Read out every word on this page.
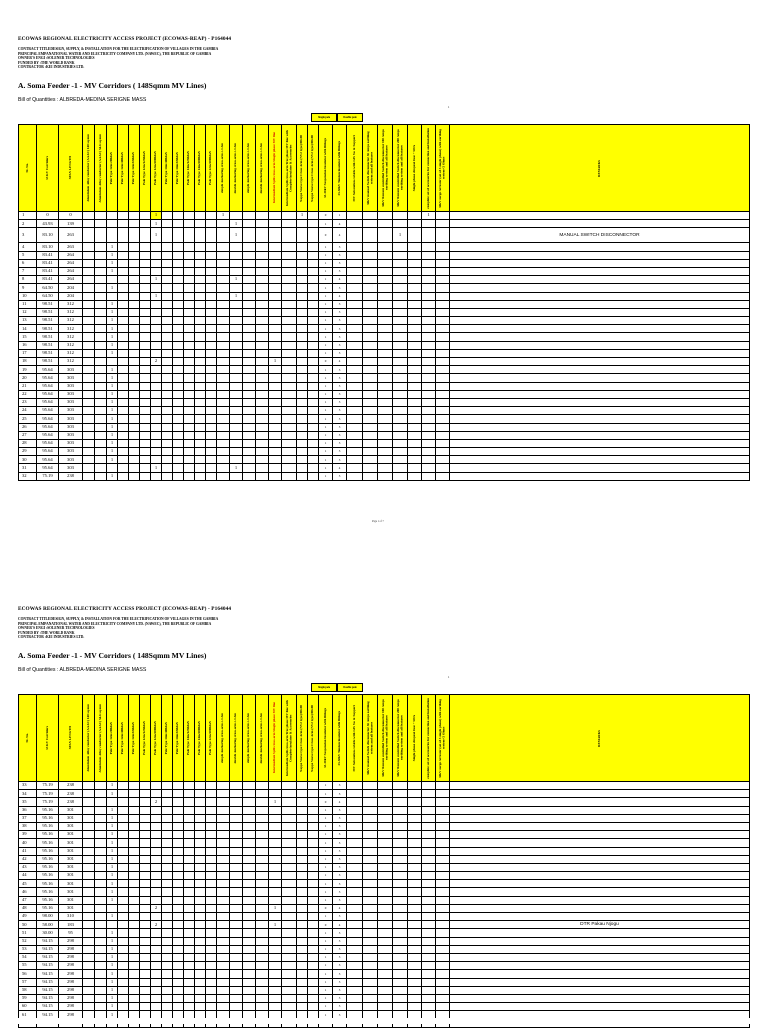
ECOWAS REGIONAL ELECTRICITY ACCESS PROJECT (ECOWAS-REAP) - P164044
CONTRACT TITLEDESIGN, SUPPLY, & INSTALLATION FOR THE ELECTRIFICATION OF VILLAGES IN THE GAMBIA
PRINCIPAL EMPANATIONAL WATER AND ELECTRICITY COMPANY LTD. (NAWEC), THE REPUBLIC OF GAMBIA
OWNER'S ENGI :SOLENER TECHNOLOGIES
FUNDED BY :THE WORLD BANK
CONTRACTOR :KEI INDUSTRIES LTD.
A. Soma Feeder -1 - MV Corridors ( 148Sqmm MV Lines)
Bill of Quantities : ALBREDA-MEDINA SERIGNE MASS
1
Single pole	Double pole
SL No.	33 KV Corridors	SPAN LENGTH	Aluminium Alloy conductor (AAAC) 148 sq mm	Aluminium Alloy conductor (AAAC) 54.6 sq mm	Pole Type 12m/200daN	Pole Type 12m/400daN	Pole Type 12m/650daN	Pole Type 12m/1250daN	Pole Type 12m/2000daN	Pole Type 14m/400daN	Pole Type 14m/650daN	Pole Type 14m/1250daN	Pole Type 14m/2000daN	Pole Type 22m/2000daN	simple Anchoring cross-arm c-1.3m	double Anchoring cross-arm c-1.3m	simple Anchoring cross-arm c-1.3m	double Anchoring cross-arm c-1.3m	Intermediate Split cross-arm Single phase MV line	Intermediate Split cross-arm Tree phase MV line with Complete insulator & Accessories	Nappe Vouve type Cross Arm (NV2 type)/90x90	Nappe Vouve type Cross Arm (NV2 type)/90x90	33-38kV Suspension Insulator with fittings	33-38kV Tension insulator with fittings	MV Substation cubicle with GIS Sw & Support	36kV manual Switch disconnector 36 Amps earthing system and all features	36kV Remote controlled Switch disconnector 100 Amps earthing system and all features	36kV Remote controlled Switch disconnector 200 Amps earthing system and all features	Single phase dropout fuse + SDA	complete set of accessories for connection and installation	36kV surge Arrester (set of 3 single phase) with earthing system<5 Ohms	REMARKS

1	0	0							1						1						1		0	1						1		
2	43.93	139							1							1							1	4								
3	83.10	263							1							1							0	4				1				MANUAL SWITCH DISCONNECTOR
4	83.10	263			1																		1	3								
5	83.41	264			1																		1	3								
6	83.41	264			1																		1	3								
7	83.41	264			1																		1	3								
8	83.41	264							1							1							1	4								
9	64.50	204			1																		1	3								
10	64.50	204							1							1							1	4								
11	98.51	312			1																		1	3								
12	98.51	312			1																		1	3								
13	98.51	312			1																		1	3								
14	98.51	312			1																		1	3								
15	98.51	312			1																		1	3								
16	98.51	312			1																		1	3								
17	98.51	312			1																		1	3								
18	98.51	312							2										1				0	4								
19	95.64	303			1																		1	3								
20	95.64	303			1																		1	3								
21	95.64	303			1																		1	3								
22	95.64	303			1																		1	3								
23	95.64	303			1																		1	3								
24	95.64	303			1																		1	3								
25	95.64	303			1																		1	3								
26	95.64	303			1																		1	3								
27	95.64	303			1																		1	3								
28	95.64	303			1																		1	3								
29	95.64	303			1																		1	3								
30	95.64	303			1																		1	3								
31	95.64	303							1							1							1	4								
32	75.19	238			1																		1	3								
Page 1 of 7
ECOWAS REGIONAL ELECTRICITY ACCESS PROJECT (ECOWAS-REAP) - P164044
CONTRACT TITLEDESIGN, SUPPLY, & INSTALLATION FOR THE ELECTRIFICATION OF VILLAGES IN THE GAMBIA
PRINCIPAL EMPANATIONAL WATER AND ELECTRICITY COMPANY LTD. (NAWEC), THE REPUBLIC OF GAMBIA
OWNER'S ENGI :SOLENER TECHNOLOGIES
FUNDED BY :THE WORLD BANK
CONTRACTOR :KEI INDUSTRIES LTD.
A. Soma Feeder -1 - MV Corridors ( 148Sqmm MV Lines)
Bill of Quantities : ALBREDA-MEDINA SERIGNE MASS
1
Single pole	Double pole
SL No.	33 KV Corridors	SPAN LENGTH	Aluminium Alloy conductor (AAAC) 148 sq mm	Aluminium Alloy conductor (AAAC) 54.6 sq mm	Pole Type 12m/200daN	Pole Type 12m/400daN	Pole Type 12m/650daN	Pole Type 12m/1250daN	Pole Type 12m/2000daN	Pole Type 14m/400daN	Pole Type 14m/650daN	Pole Type 14m/1250daN	Pole Type 14m/2000daN	Pole Type 22m/2000daN	simple Anchoring cross-arm c-1.3m	double Anchoring cross-arm c-1.3m	simple Anchoring cross-arm c-1.3m	double Anchoring cross-arm c-1.3m	Intermediate Split cross-arm Single phase MV line	Intermediate Split cross-arm Tree phase MV line with Complete insulator & Accessories	Nappe Vouve type Cross Arm (NV2 type)/90x90	Nappe Vouve type Cross Arm (NV2 type)/90x90	33-38kV Suspension Insulator with fittings	33-38kV Tension insulator with fittings	MV Substation cubicle with GIS Sw & Support	36kV manual Switch disconnector 36 Amps earthing system and all features	36kV Remote controlled Switch disconnector 100 Amps earthing system and all features	36kV Remote controlled Switch disconnector 200 Amps earthing system and all features	Single phase dropout fuse + SDA	complete set of accessories for connection and installation	36kV surge Arrester (set of 3 single phase) with earthing system<5 Ohms	REMARKS

33	75.19	238			1																		1	3								
34	75.19	238			1																		1	3								
35	75.19	238							2										1				0	4								
36	95.16	301			1																		1	3								
37	95.16	301			1																		1	3								
38	95.16	301			1																		1	3								
39	95.16	301			1																		1	3								
40	95.16	301			1																		1	3								
41	95.16	301			1																		1	3								
42	95.16	301			1																		1	3								
43	95.16	301			1																		1	3								
44	95.16	301			1																		1	3								
45	95.16	301			1																		1	3								
46	95.16	301			1																		1	3								
47	95.16	301			1																		1	3								
48	95.16	301							2										1				0	4								
49	98.00	310			1																		1	3								
50	58.00	183							2										1				0	4								DTR Pakau Njogu
51	30.00	95			1																		1	3								
52	94.15	298			1																		1	3								
53	94.15	298			1																		1	3								
54	94.15	298			1																		1	3								
55	94.15	298			1																		1	3								
56	94.15	298			1																		1	3								
57	94.15	298			1																		1	3								
58	94.15	298			1																		1	3								
59	94.15	298			1																		1	3								
60	94.15	298			1																		1	3								
61	94.15	298			1																		1	3								
